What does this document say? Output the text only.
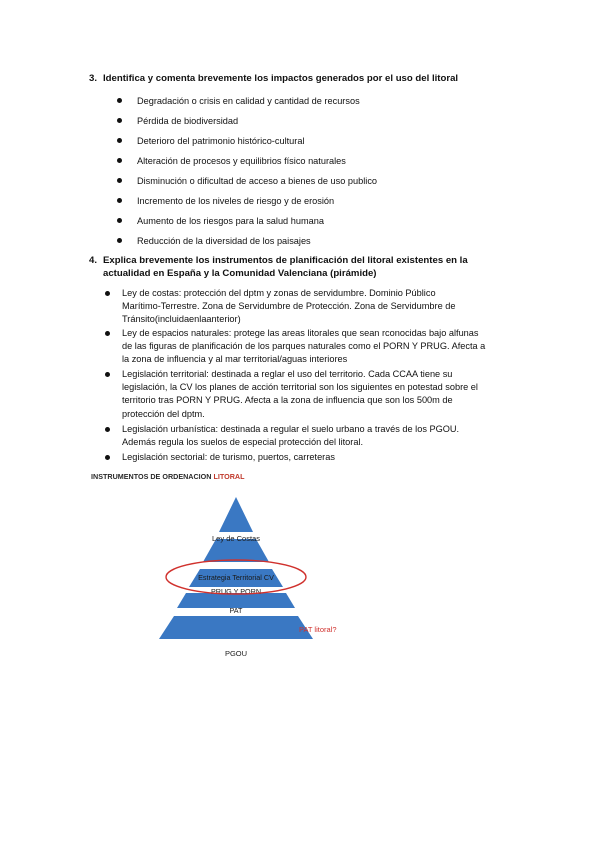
3. Identifica y comenta brevemente los impactos generados por el uso del litoral
Degradación o crisis en calidad y cantidad de recursos
Pérdida de biodiversidad
Deterioro del patrimonio histórico-cultural
Alteración de procesos y equilibrios físico naturales
Disminución o dificultad de acceso a bienes de uso publico
Incremento de los niveles de riesgo y de erosión
Aumento de los riesgos para la salud humana
Reducción de la diversidad de los paisajes
4. Explica brevemente los instrumentos de planificación del litoral existentes en la
actualidad en España y la Comunidad Valenciana (pirámide)
Ley de costas: protección del dptm y zonas de servidumbre. Dominio Público
Marítimo-Terrestre. Zona de Servidumbre de Protección. Zona de Servidumbre de
Tránsito(incluidaenlaanterior)
Ley de espacios naturales: protege las areas litorales que sean rconocidas bajo alfunas
de las figuras de planificación de los parques naturales como el PORN Y PRUG. Afecta a
la zona de influencia y al mar territorial/aguas interiores
Legislación territorial: destinada a reglar el uso del territorio. Cada CCAA tiene su
legislación, la CV los planes de acción territorial son los siguientes en potestad sobre el
territorio tras PORN Y PRUG. Afecta a la zona de influencia que son los 500m de
protección del dptm.
Legislación urbanística: destinada a regular el suelo urbano a través de los PGOU.
Además regula los suelos de especial protección del litoral.
Legislación sectorial: de turismo, puertos, carreteras
INSTRUMENTOS DE ORDENACION LITORAL
Ley de Costas
Estrategia Territorial CV
PRUG Y PORN
PAT
PGOU
PAT litoral?
